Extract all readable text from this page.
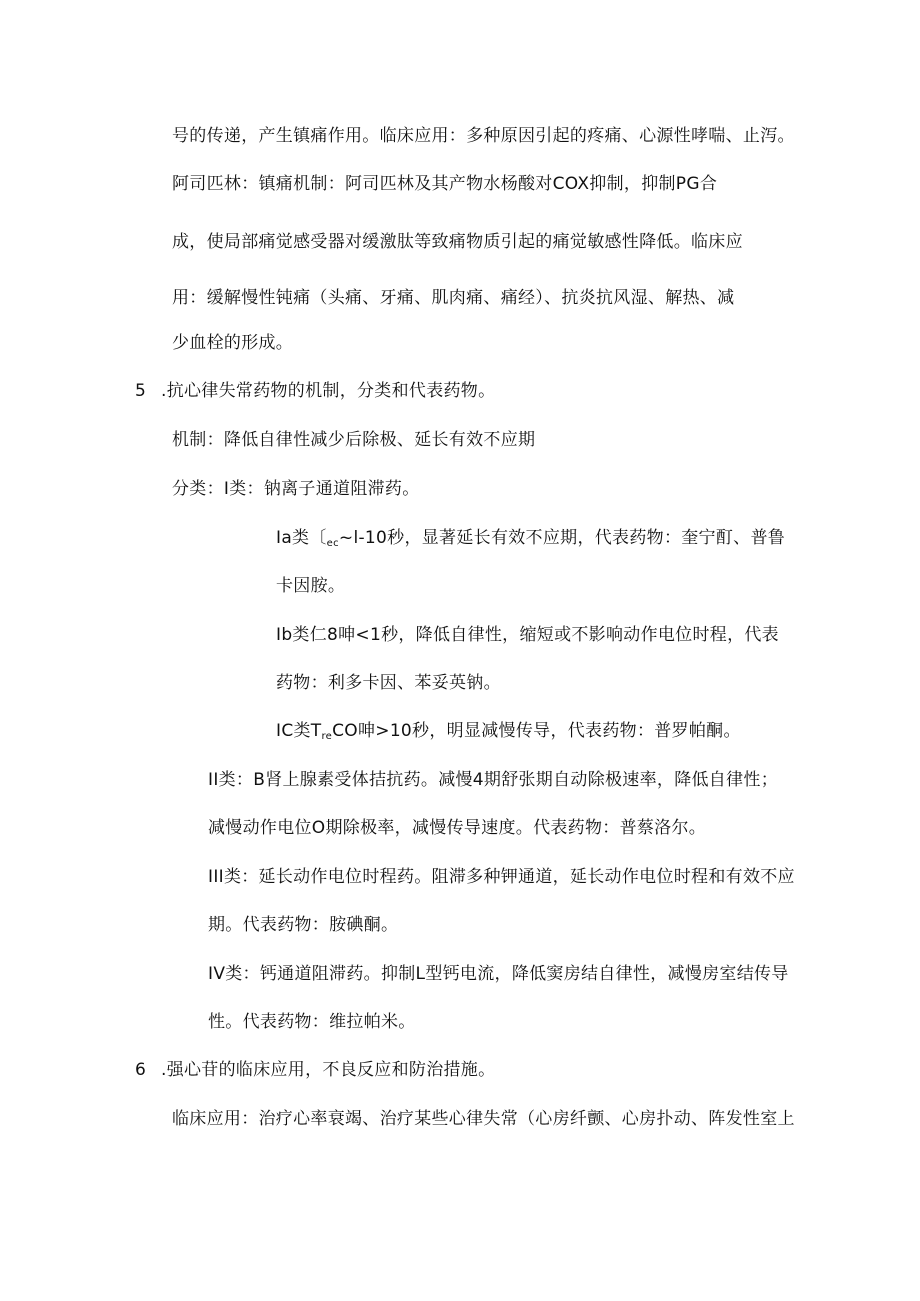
号的传递，产生镇痛作用。临床应用：多种原因引起的疼痛、心源性哮喘、止泻。
阿司匹林：镇痛机制：阿司匹林及其产物水杨酸对COX抑制，抑制PG合
成，使局部痛觉感受器对缓激肽等致痛物质引起的痛觉敏感性降低。临床应
用：缓解慢性钝痛（头痛、牙痛、肌肉痛、痛经）、抗炎抗风湿、解热、减
少血栓的形成。
5 .抗心律失常药物的机制，分类和代表药物。
机制：降低自律性减少后除极、延长有效不应期
分类：I类：钠离子通道阻滞药。
Ia类〔$_{ec}$~l-10秒，显著延长有效不应期，代表药物：奎宁酊、普鲁
卡因胺。
Ib类仁8呻<1秒，降低自律性，缩短或不影响动作电位时程，代表
药物：利多卡因、苯妥英钠。
IC类$T_{re}CO$呻>10秒，明显减慢传导，代表药物：普罗帕酮。
II类：B肾上腺素受体拮抗药。减慢4期舒张期自动除极速率，降低自律性；
减慢动作电位O期除极率，减慢传导速度。代表药物：普蔡洛尔。
III类：延长动作电位时程药。阻滞多种钾通道，延长动作电位时程和有效不应
期。代表药物：胺碘酮。
IV类：钙通道阻滞药。抑制L型钙电流，降低窦房结自律性，减慢房室结传导
性。代表药物：维拉帕米。
6 .强心苷的临床应用，不良反应和防治措施。
临床应用：治疗心率衰竭、治疗某些心律失常（心房纤颤、心房扑动、阵发性室上
